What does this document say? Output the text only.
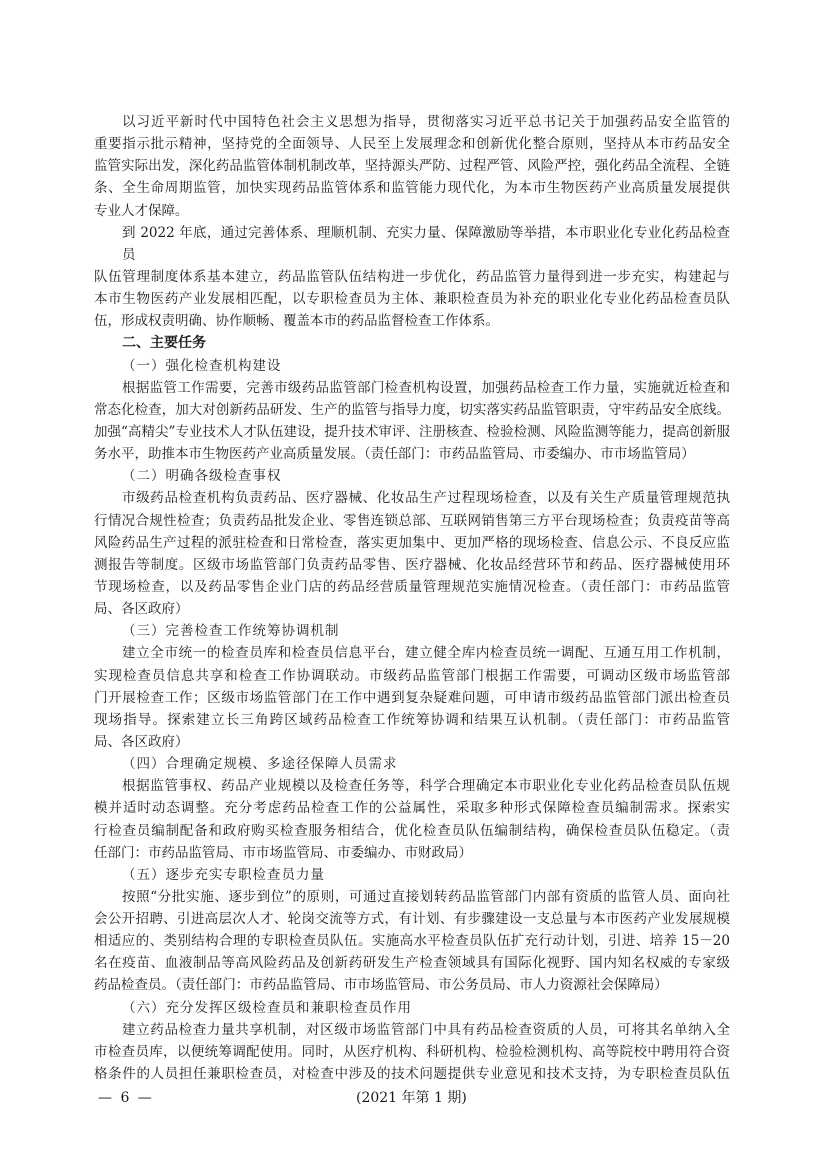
以习近平新时代中国特色社会主义思想为指导，贯彻落实习近平总书记关于加强药品安全监管的
重要指示批示精神，坚持党的全面领导、人民至上发展理念和创新优化整合原则，坚持从本市药品安全
监管实际出发，深化药品监管体制机制改革，坚持源头严防、过程严管、风险严控，强化药品全流程、全链
条、全生命周期监管，加快实现药品监管体系和监管能力现代化，为本市生物医药产业高质量发展提供
专业人才保障。
到 2022 年底，通过完善体系、理顺机制、充实力量、保障激励等举措，本市职业化专业化药品检查员
队伍管理制度体系基本建立，药品监管队伍结构进一步优化，药品监管力量得到进一步充实，构建起与
本市生物医药产业发展相匹配，以专职检查员为主体、兼职检查员为补充的职业化专业化药品检查员队
伍，形成权责明确、协作顺畅、覆盖本市的药品监督检查工作体系。
二、主要任务
（一）强化检查机构建设
根据监管工作需要，完善市级药品监管部门检查机构设置，加强药品检查工作力量，实施就近检查和
常态化检查，加大对创新药品研发、生产的监管与指导力度，切实落实药品监管职责，守牢药品安全底线。
加强“高精尖”专业技术人才队伍建设，提升技术审评、注册核查、检验检测、风险监测等能力，提高创新服
务水平，助推本市生物医药产业高质量发展。（责任部门：市药品监管局、市委编办、市市场监管局）
（二）明确各级检查事权
市级药品检查机构负责药品、医疗器械、化妆品生产过程现场检查，以及有关生产质量管理规范执
行情况合规性检查；负责药品批发企业、零售连锁总部、互联网销售第三方平台现场检查；负责疫苗等高
风险药品生产过程的派驻检查和日常检查，落实更加集中、更加严格的现场检查、信息公示、不良反应监
测报告等制度。区级市场监管部门负责药品零售、医疗器械、化妆品经营环节和药品、医疗器械使用环
节现场检查，以及药品零售企业门店的药品经营质量管理规范实施情况检查。（责任部门：市药品监管
局、各区政府）
（三）完善检查工作统筹协调机制
建立全市统一的检查员库和检查员信息平台，建立健全库内检查员统一调配、互通互用工作机制，
实现检查员信息共享和检查工作协调联动。市级药品监管部门根据工作需要，可调动区级市场监管部
门开展检查工作；区级市场监管部门在工作中遇到复杂疑难问题，可申请市级药品监管部门派出检查员
现场指导。探索建立长三角跨区域药品检查工作统筹协调和结果互认机制。（责任部门：市药品监管
局、各区政府）
（四）合理确定规模、多途径保障人员需求
根据监管事权、药品产业规模以及检查任务等，科学合理确定本市职业化专业化药品检查员队伍规
模并适时动态调整。充分考虑药品检查工作的公益属性，采取多种形式保障检查员编制需求。探索实
行检查员编制配备和政府购买检查服务相结合，优化检查员队伍编制结构，确保检查员队伍稳定。（责
任部门：市药品监管局、市市场监管局、市委编办、市财政局）
（五）逐步充实专职检查员力量
按照“分批实施、逐步到位”的原则，可通过直接划转药品监管部门内部有资质的监管人员、面向社
会公开招聘、引进高层次人才、轮岗交流等方式，有计划、有步骤建设一支总量与本市医药产业发展规模
相适应的、类别结构合理的专职检查员队伍。实施高水平检查员队伍扩充行动计划，引进、培养 15－20
名在疫苗、血液制品等高风险药品及创新药研发生产检查领域具有国际化视野、国内知名权威的专家级
药品检查员。（责任部门：市药品监管局、市市场监管局、市公务员局、市人力资源社会保障局）
（六）充分发挥区级检查员和兼职检查员作用
建立药品检查力量共享机制，对区级市场监管部门中具有药品检查资质的人员，可将其名单纳入全
市检查员库，以便统筹调配使用。同时，从医疗机构、科研机构、检验检测机构、高等院校中聘用符合资
格条件的人员担任兼职检查员，对检查中涉及的技术问题提供专业意见和技术支持，为专职检查员队伍
— 6 —	(2021 年第 1 期)
